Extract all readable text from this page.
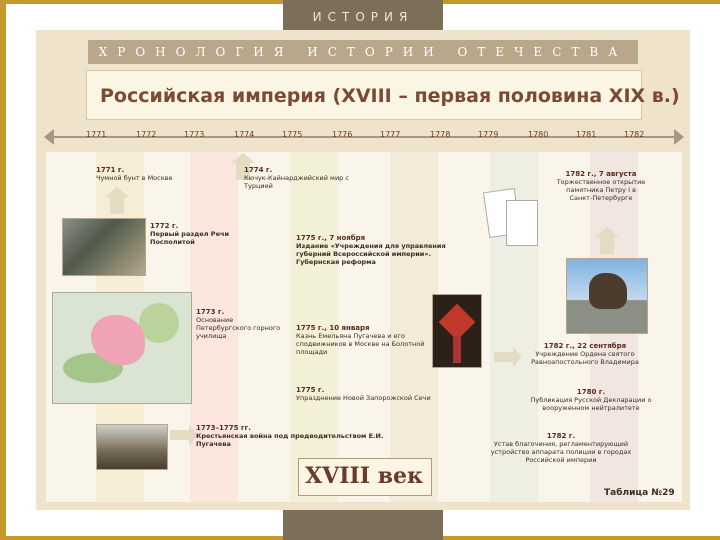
ИСТОРИЯ
ХРОНОЛОГИЯ ИСТОРИИ ОТЕЧЕСТВА
Российская империя (XVIII – первая половина XIX в.)
1771	1772	1773	1774	1775	1776	1777	1778	1779	1780	1781	1782
1771 г.
Чумной бунт в Москве
1772 г.
Первый раздел Речи Посполитой
1773 г.
Основание Петербургского горного училища
1773–1775 гг.
Крестьянская война под предводительством Е.И. Пугачева
1774 г.
Кючук-Кайнарджийский мир с Турцией
1775 г., 7 ноября
Издание «Учреждения для управления губерний Всероссийской империи». Губернская реформа
1775 г., 10 января
Казнь Емельяна Пугачева и его сподвижников в Москве на Болотной площади
1775 г.
Упразднение Новой Запорожской Сечи
1782 г., 7 августа
Торжественное открытие памятника Петру I в Санкт-Петербурге
1782 г., 22 сентября
Учреждение Ордена святого Равноапостольного Владимира
1780 г.
Публикация Русской Декларации о вооруженном нейтралитете
1782 г.
Устав благочиния, регламентирующий устройство аппарата полиции в городах Российской империи
XVIII век
Таблица №29
